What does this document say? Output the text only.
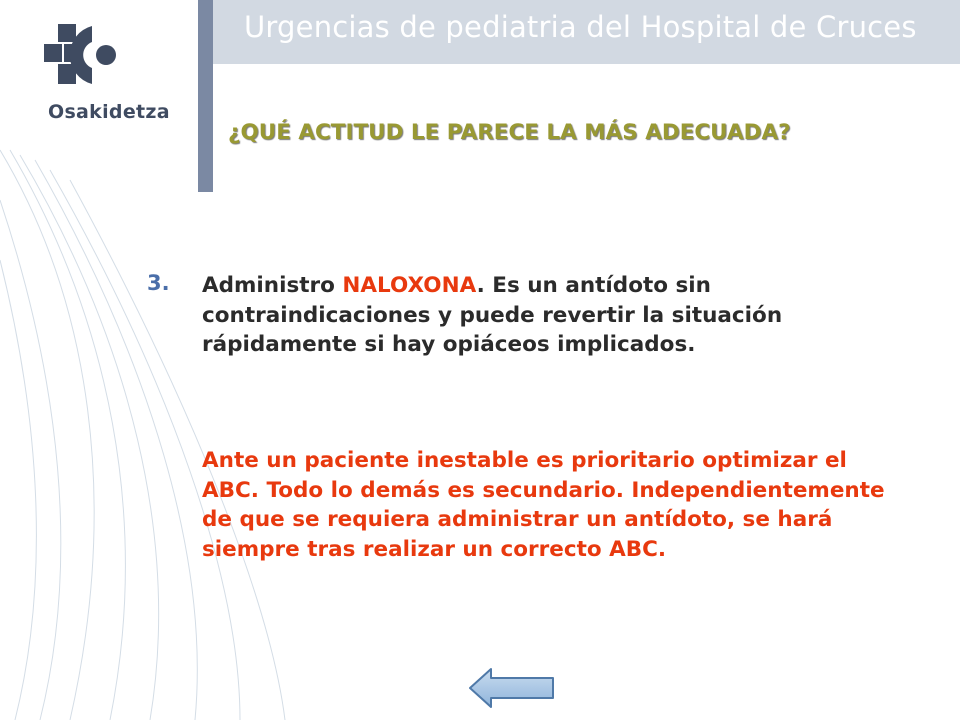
Urgencias de pediatria del Hospital de Cruces
Osakidetza
¿QUÉ ACTITUD LE PARECE LA MÁS ADECUADA?
3. Administro NALOXONA. Es un antídoto sin contraindicaciones y puede revertir la situación rápidamente si hay opiáceos implicados.
Ante un paciente inestable es prioritario optimizar el ABC. Todo lo demás es secundario. Independientemente de que se requiera administrar un antídoto, se hará siempre tras realizar un correcto ABC.
